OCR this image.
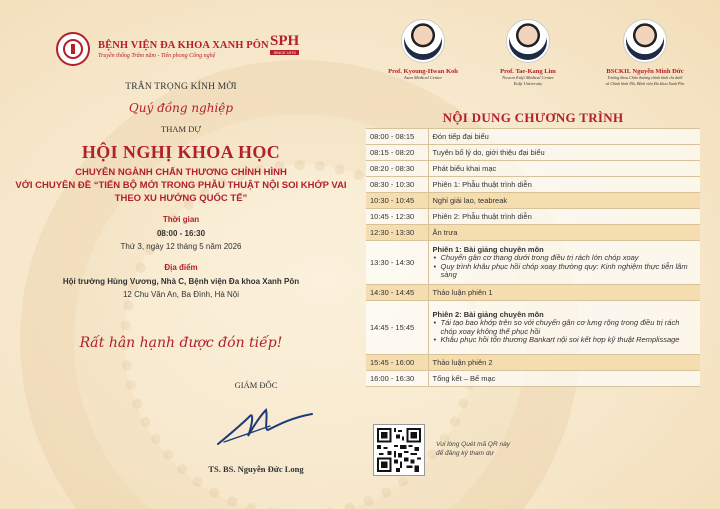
BỆNH VIỆN ĐA KHOA XANH PÔN
Truyền thống Trăm năm - Tiên phong Công nghệ
SPH
SINCE 1970
TRÂN TRỌNG KÍNH MỜI
Quý đồng nghiệp
THAM DỰ
HỘI NGHỊ KHOA HỌC
CHUYÊN NGÀNH CHẤN THƯƠNG CHỈNH HÌNH
VỚI CHUYÊN ĐỀ “TIẾN BỘ MỚI TRONG PHẪU THUẬT NỘI SOI KHỚP VAI
THEO XU HƯỚNG QUỐC TẾ”
Thời gian
08:00 - 16:30
Thứ 3, ngày 12 tháng 5 năm 2026
Địa điểm
Hội trường Hùng Vương, Nhà C, Bệnh viện Đa khoa Xanh Pôn
12 Chu Văn An, Ba Đình, Hà Nội
Rất hân hạnh được đón tiếp!
GIÁM ĐỐC
TS. BS. Nguyễn Đức Long
Prof. Kyoung-Hwan Koh
Asan Medical Center
Prof. Tae-Kang Lim
Nowon Eulji Medical Center
Eulji University
BSCKII. Nguyễn Minh Đức
Trưởng khoa Chấn thương chỉnh hình chi dưới
và Chỉnh hình Nhi, Bệnh viện Đa khoa Xanh Pôn
NỘI DUNG CHƯƠNG TRÌNH
08:00 - 08:15	Đón tiếp đại biểu
08:15 - 08:20	Tuyên bố lý do, giới thiệu đại biểu
08:20 - 08:30	Phát biểu khai mạc
08:30 - 10:30	Phiên 1: Phẫu thuật trình diễn
10:30 - 10:45	Nghỉ giải lao, teabreak
10:45 - 12:30	Phiên 2: Phẫu thuật trình diễn
12:30 - 13:30	Ăn trưa
13:30 - 14:30	Phiên 1: Bài giảng chuyên môn
• Chuyển gân cơ thang dưới trong điều trị rách lớn chóp xoay
• Quy trình khâu phục hồi chóp xoay thường quy: Kinh nghiệm thực tiễn lâm sàng

14:30 - 14:45	Thảo luận phiên 1
14:45 - 15:45	Phiên 2: Bài giảng chuyên môn
• Tái tạo bao khớp trên so với chuyển gân cơ lưng rộng trong điều trị rách chóp xoay không thể phục hồi
• Khâu phục hồi tổn thương Bankart nội soi kết hợp kỹ thuật Remplissage

15:45 - 16:00	Thảo luận phiên 2
16:00 - 16:30	Tổng kết – Bế mạc
Vui lòng Quét mã QR này
để đăng ký tham dự
